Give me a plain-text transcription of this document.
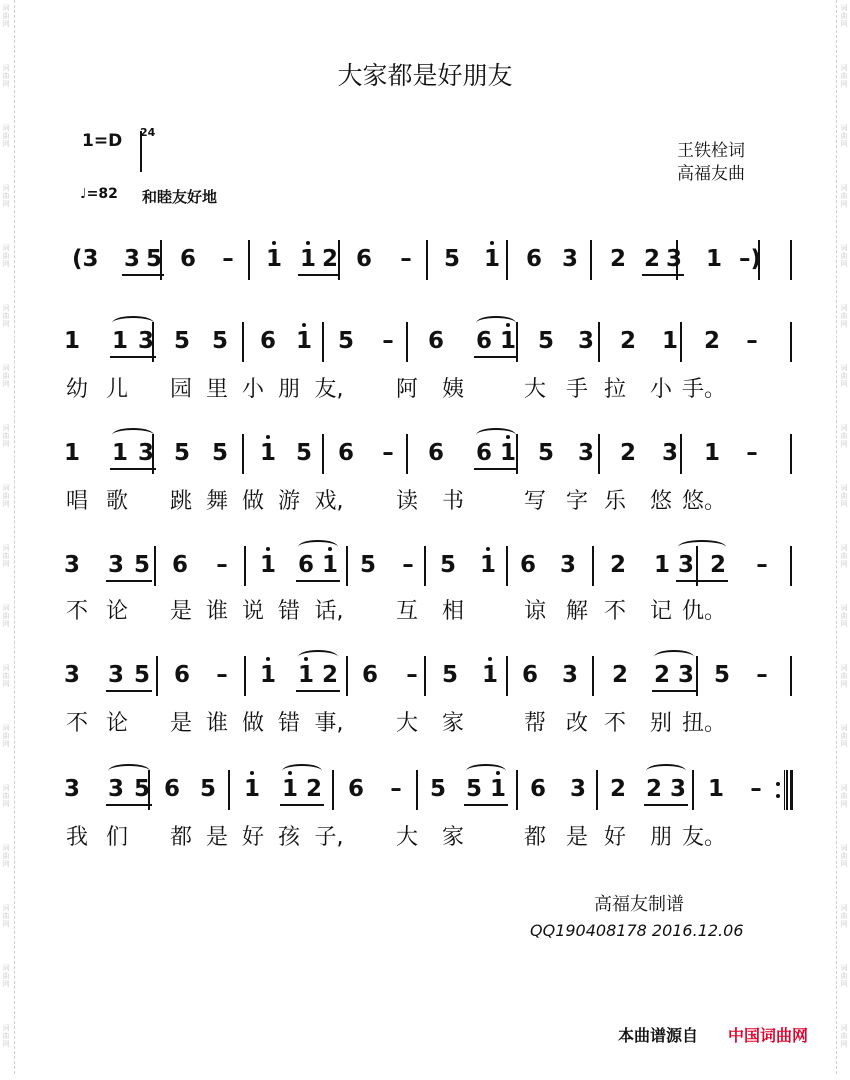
词
曲
网
词
曲
网
词
曲
网
词
曲
网
词
曲
网
词
曲
网
词
曲
网
词
曲
网
词
曲
网
词
曲
网
词
曲
网
词
曲
网
词
曲
网
词
曲
网
词
曲
网
词
曲
网
词
曲
网
词
曲
网
词
曲
网
词
曲
网
词
曲
网
词
曲
网
词
曲
网
词
曲
网
词
曲
网
词
曲
网
词
曲
网
词
曲
网
词
曲
网
词
曲
网
词
曲
网
词
曲
网
词
曲
网
词
曲
网
词
曲
网
词
曲
网
大家都是好朋友
1=D 2
4
♩=82 和睦友好地
王铁栓词
高福友曲
(3 3 5 6 – 1 1 2 6 – 5 1 6 3 2 2 3 1 –)
1 1 3 5 5 6 1 5 – 6 6 1 5 3 2 1 2 –
幼 儿 园 里 小 朋 友, 阿 姨	大 手 拉 小 手。
1 1 3 5 5 1 5 6 – 6 6 1 5 3 2 3 1 –
唱 歌 跳 舞 做 游 戏, 读 书	写 字 乐 悠 悠。
3 3 5 6 – 1 6 1 5 – 5 1 6 3 2 1 3 2 –
不 论 是 谁 说 错 话, 互 相	谅 解 不 记 仇。
3 3 5 6 – 1 1 2 6 – 5 1 6 3 2 2 3 5 –
不 论 是 谁 做 错 事, 大 家	帮 改 不 别 扭。
3 3 5 6 5 1 1 2 6 – 5 5 1 6 3 2 2 3 1 –
我 们 都 是 好 孩 子, 大 家	都 是 好 朋 友。
高福友制谱
QQ190408178 2016.12.06
本曲谱源自 中国词曲网
